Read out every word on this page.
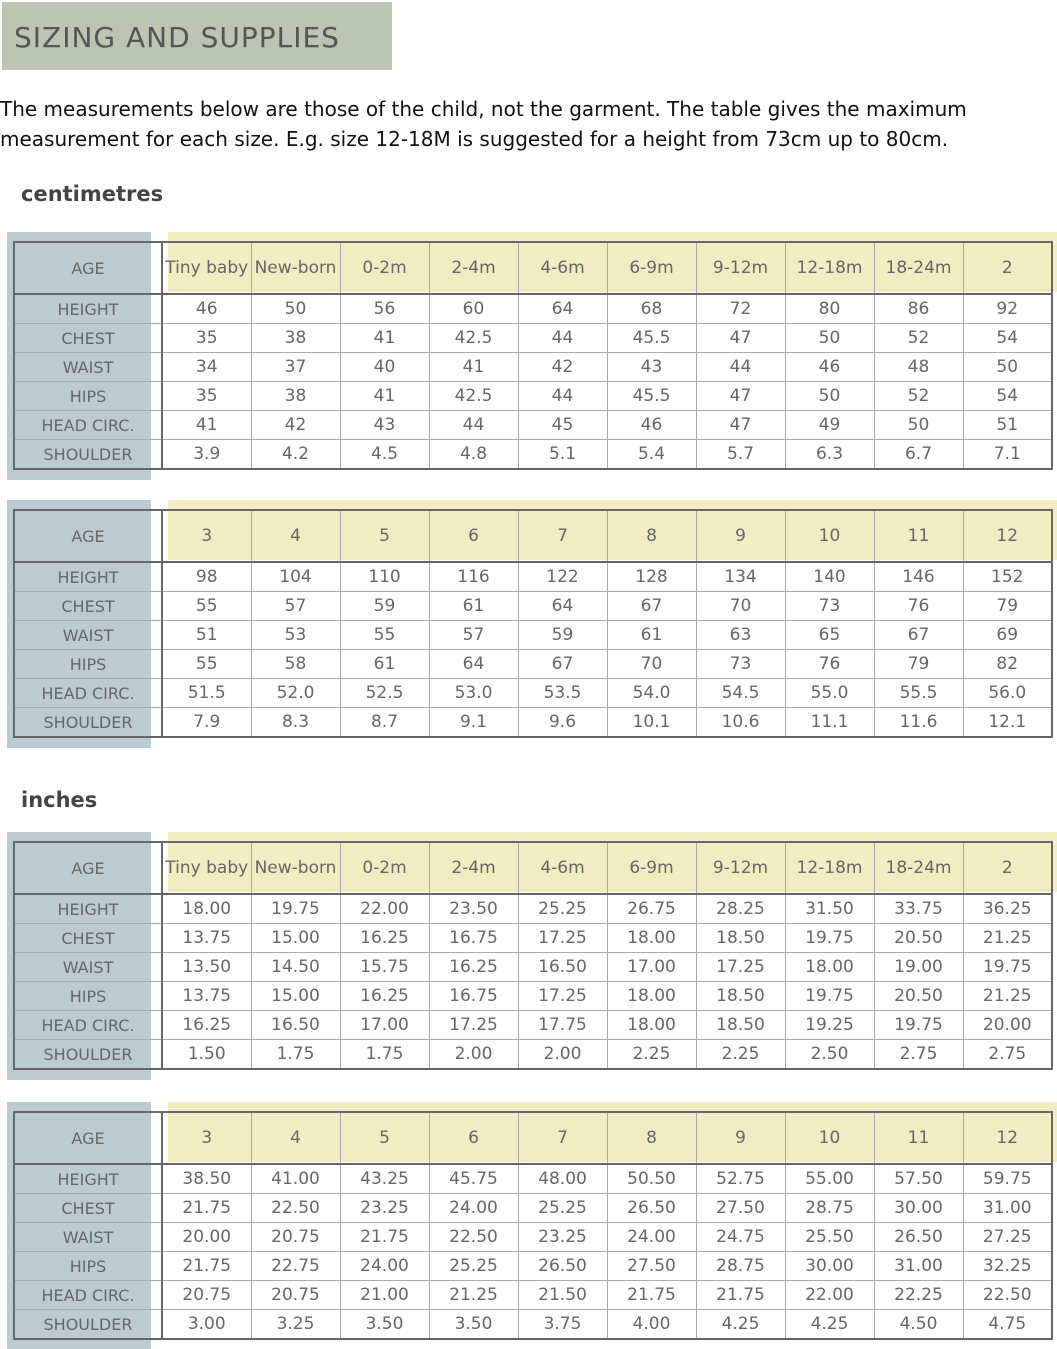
SIZING AND SUPPLIES

The measurements below are those of the child, not the garment. The table gives the maximum measurement for each size. E.g. size 12-18M is suggested for a height from 73cm up to 80cm.

centimetres
AGE	Tiny baby	New-born	0-2m	2-4m	4-6m	6-9m	9-12m	12-18m	18-24m	2
HEIGHT	46	50	56	60	64	68	72	80	86	92
CHEST	35	38	41	42.5	44	45.5	47	50	52	54
WAIST	34	37	40	41	42	43	44	46	48	50
HIPS	35	38	41	42.5	44	45.5	47	50	52	54
HEAD CIRC.	41	42	43	44	45	46	47	49	50	51
SHOULDER	3.9	4.2	4.5	4.8	5.1	5.4	5.7	6.3	6.7	7.1
AGE	3	4	5	6	7	8	9	10	11	12
HEIGHT	98	104	110	116	122	128	134	140	146	152
CHEST	55	57	59	61	64	67	70	73	76	79
WAIST	51	53	55	57	59	61	63	65	67	69
HIPS	55	58	61	64	67	70	73	76	79	82
HEAD CIRC.	51.5	52.0	52.5	53.0	53.5	54.0	54.5	55.0	55.5	56.0
SHOULDER	7.9	8.3	8.7	9.1	9.6	10.1	10.6	11.1	11.6	12.1
inches
AGE	Tiny baby	New-born	0-2m	2-4m	4-6m	6-9m	9-12m	12-18m	18-24m	2
HEIGHT	18.00	19.75	22.00	23.50	25.25	26.75	28.25	31.50	33.75	36.25
CHEST	13.75	15.00	16.25	16.75	17.25	18.00	18.50	19.75	20.50	21.25
WAIST	13.50	14.50	15.75	16.25	16.50	17.00	17.25	18.00	19.00	19.75
HIPS	13.75	15.00	16.25	16.75	17.25	18.00	18.50	19.75	20.50	21.25
HEAD CIRC.	16.25	16.50	17.00	17.25	17.75	18.00	18.50	19.25	19.75	20.00
SHOULDER	1.50	1.75	1.75	2.00	2.00	2.25	2.25	2.50	2.75	2.75
AGE	3	4	5	6	7	8	9	10	11	12
HEIGHT	38.50	41.00	43.25	45.75	48.00	50.50	52.75	55.00	57.50	59.75
CHEST	21.75	22.50	23.25	24.00	25.25	26.50	27.50	28.75	30.00	31.00
WAIST	20.00	20.75	21.75	22.50	23.25	24.00	24.75	25.50	26.50	27.25
HIPS	21.75	22.75	24.00	25.25	26.50	27.50	28.75	30.00	31.00	32.25
HEAD CIRC.	20.75	20.75	21.00	21.25	21.50	21.75	21.75	22.00	22.25	22.50
SHOULDER	3.00	3.25	3.50	3.50	3.75	4.00	4.25	4.25	4.50	4.75
